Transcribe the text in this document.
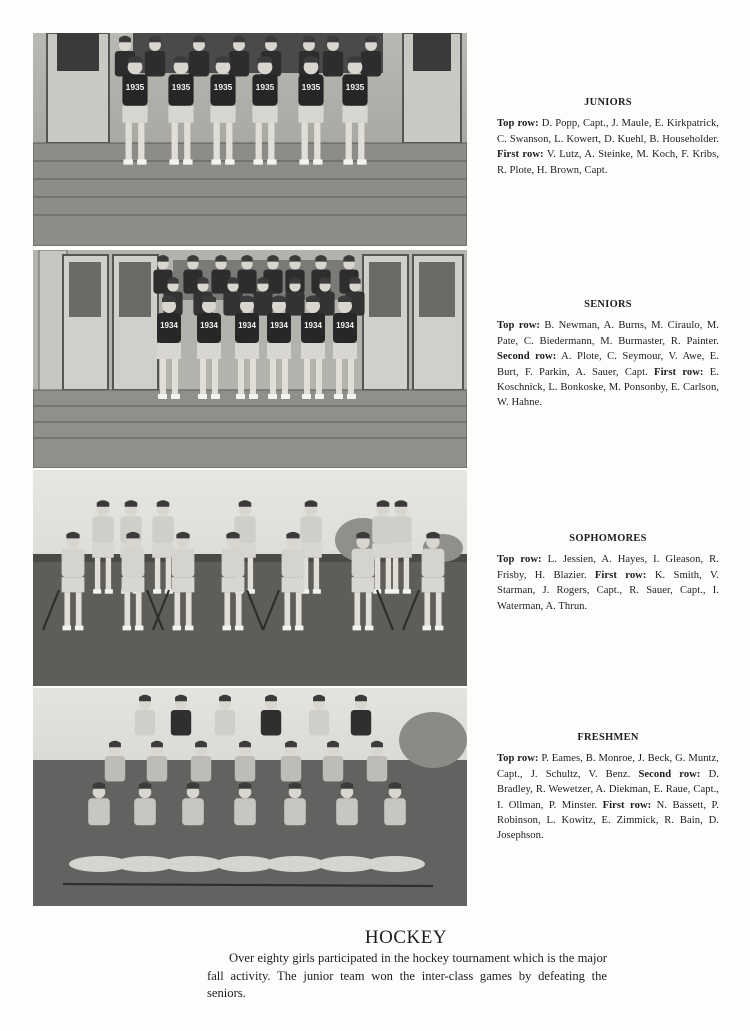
1935	1935	1935	1935	1935	1935
JUNIORS

Top row: D. Popp, Capt., J. Maule, E. Kirkpatrick, C. Swanson, L. Kowert, D. Kuehl, B. Householder. First row: V. Lutz, A. Steinke, M. Koch, F. Kribs, R. Plote, H. Brown, Capt.

1934	1934	1934 1934 1934 1934
SENIORS

Top row: B. Newman, A. Burns, M. Ciraulo, M. Pate, C. Biedermann, M. Burmaster, R. Painter. Second row: A. Plote, C. Seymour, V. Awe, E. Burt, F. Parkin, A. Sauer, Capt. First row: E. Koschnick, L. Bonkoske, M. Ponsonby, E. Carlson, W. Hahne.

SOPHOMORES

Top row: L. Jessien, A. Hayes, I. Gleason, R. Frisby, H. Blazier. First row: K. Smith, V. Starman, J. Rogers, Capt., R. Sauer, Capt., I. Waterman, A. Thrun.

FRESHMEN

Top row: P. Eames, B. Monroe, J. Beck, G. Muntz, Capt., J. Schultz, V. Benz. Second row: D. Bradley, R. Wewetzer, A. Diekman, E. Raue, Capt., I. Ollman, P. Minster. First row: N. Bassett, P. Robinson, L. Kowitz, E. Zimmick, R. Bain, D. Josephson.

HOCKEY

Over eighty girls participated in the hockey tournament which is the major fall activity. The junior team won the inter-class games by defeating the seniors.
